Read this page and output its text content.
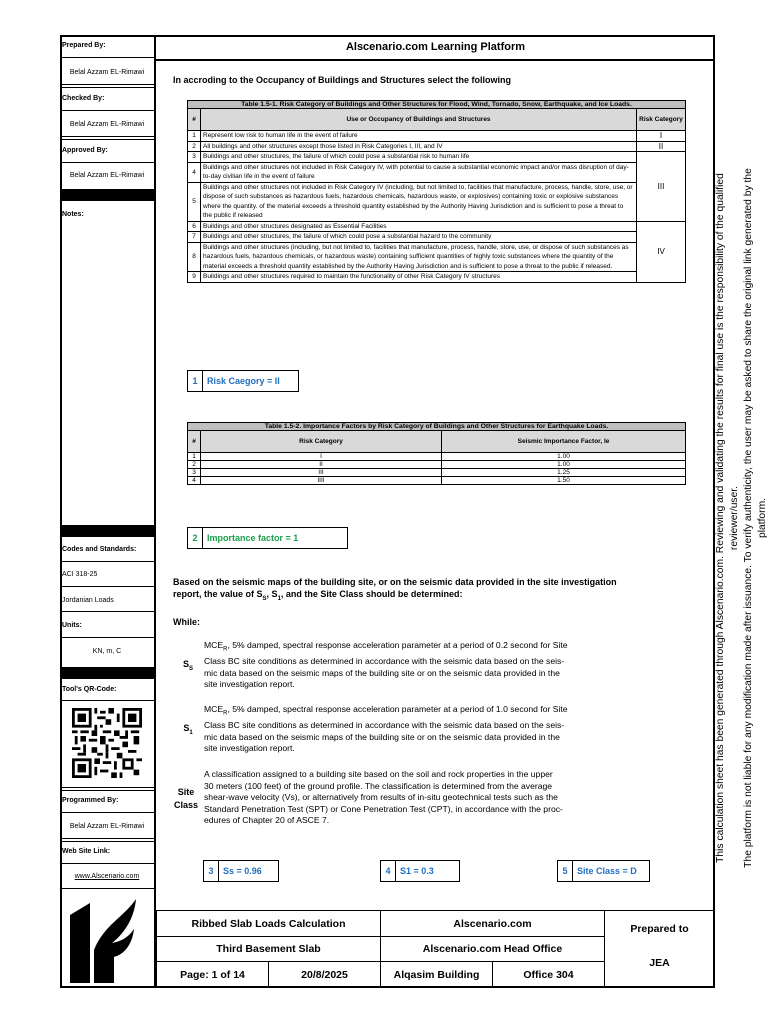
Prepared By:
Belal Azzam EL-Rimawi
Checked By:
Belal Azzam EL-Rimawi
Approved By:
Belal Azzam EL-Rimawi
Notes:
Codes and Standards:
ACI 318-25
Jordanian Loads
Units:
KN, m, C
Tool's QR-Code:
Programmed By:
Belal Azzam EL-Rimawi
Web Site Link:
www.Alscenario.com
Alscenario.com Learning Platform
In accroding to the Occupancy of Buildings and Structures select the following
Table 1.5-1. Risk Category of Buildings and Other Structures for Flood, Wind, Tornado, Snow, Earthquake, and Ice Loads.		
#	Use or Occupancy of Buildings and Structures	Risk Category
1	Represent low risk to human life in the event of failure	I
2	All buildings and other structures except those listed in Risk Categories I, III, and IV	II
3	Buildings and other structures, the failure of which could pose a substantial risk to human life	III
4	Buildings and other structures not included in Risk Category IV, with potential to cause a substantial economic impact and/or mass disruption of day-to-day civilian life in the event of failure	
5	Buildings and other structures not included in Risk Category IV (including, but not limited to, facilities that manufacture, process, handle, store, use, or dispose of such substances as hazardous fuels, hazardous chemicals, hazardous waste, or explosives) containing toxic or explosive substances where the quantity. of the material exceeds a threshold quantity established by the Authority Having Jurisdiction and is sufficient to pose a threat to the public if released	
6	Buildings and other structures designated as Essential Facilities	IV
7	Buildings and other structures, the failure of which could pose a substantial hazard to the community	
8	Buildings and other structures (including, but not limited to, facilities that manufacture, process, handle, store, use, or dispose of such substances as hazardous fuels, hazardous chemicals, or hazardous waste) containing sufficient quantities of highly toxic substances where the quantity of the material exceeds a threshold quantity established by the Authority Having Jurisdiction and is sufficient to pose a threat to the public if released.	
9	Buildings and other structures required to maintain the functionality of other Risk Category IV structures	
1 Risk Caegory = II
Table 1.5-2. Importance Factors by Risk Category of Buildings and Other Structures for Earthquake Loads.		
#	Risk Category	Seismic Importance Factor, Ie
1	I	1.00
2	II	1.00
3	III	1.25
4	IIII	1.50
2 Importance factor = 1
Based on the seismic maps of the building site, or on the seismic data provided in the site investigation
report, the value of $S_S$, $S_1$, and the Site Class should be determined:
While:
$S_S$
$MCE_R$, 5% damped, spectral response acceleration parameter at a period of 0.2 second for Site
Class BC site conditions as determined in accordance with the seismic data based on the seis-
mic data based on the seismic maps of the building site or on the seismic data provided in the
site investigation report.
$S_1$
$MCE_R$, 5% damped, spectral response acceleration parameter at a period of 1.0 second for Site
Class BC site conditions as determined in accordance with the seismic data based on the seis-
mic data based on the seismic maps of the building site or on the seismic data provided in the
site investigation report.
Site
Class
A classification assigned to a building site based on the soil and rock properties in the upper
30 meters (100 feet) of the ground profile. The classification is determined from the average
shear-wave velocity (Vs), or alternatively from results of in-situ geotechnical tests such as the
Standard Penetration Test (SPT) or Cone Penetration Test (CPT), in accordance with the proc-
edures of Chapter 20 of ASCE 7.
3 Ss = 0.96	4 S1 = 0.3	5 Site Class = D
Ribbed Slab Loads Calculation	Alscenario.com	Prepared to
Third Basement Slab	Alscenario.com Head Office
JEA
Page: 1 of 14	20/8/2025	Alqasim Building	Office 304
This calculation sheet has been generated through Alscenario.com. Reviewing and validating the results for final use is the responsibility of the qualified reviewer/user. The platform is not liable for any modification made after issuance. To verify authenticity, the user may be asked to share the original link generated by the platform.
